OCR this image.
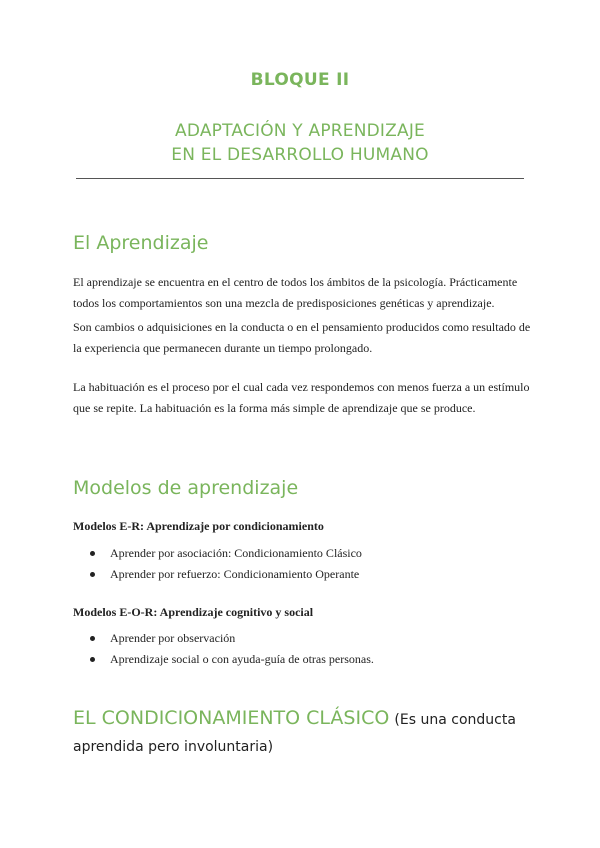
BLOQUE II
ADAPTACIÓN Y APRENDIZAJE
EN EL DESARROLLO HUMANO
El Aprendizaje
El aprendizaje se encuentra en el centro de todos los ámbitos de la psicología. Prácticamente todos los comportamientos son una mezcla de predisposiciones genéticas y aprendizaje.
Son cambios o adquisiciones en la conducta o en el pensamiento producidos como resultado de la experiencia que permanecen durante un tiempo prolongado.
La habituación es el proceso por el cual cada vez respondemos con menos fuerza a un estímulo que se repite. La habituación es la forma más simple de aprendizaje que se produce.
Modelos de aprendizaje
Modelos E-R: Aprendizaje por condicionamiento
Aprender por asociación: Condicionamiento Clásico
Aprender por refuerzo: Condicionamiento Operante
Modelos E-O-R: Aprendizaje cognitivo y social
Aprender por observación
Aprendizaje social o con ayuda-guía de otras personas.
EL CONDICIONAMIENTO CLÁSICO (Es una conducta aprendida pero involuntaria)
